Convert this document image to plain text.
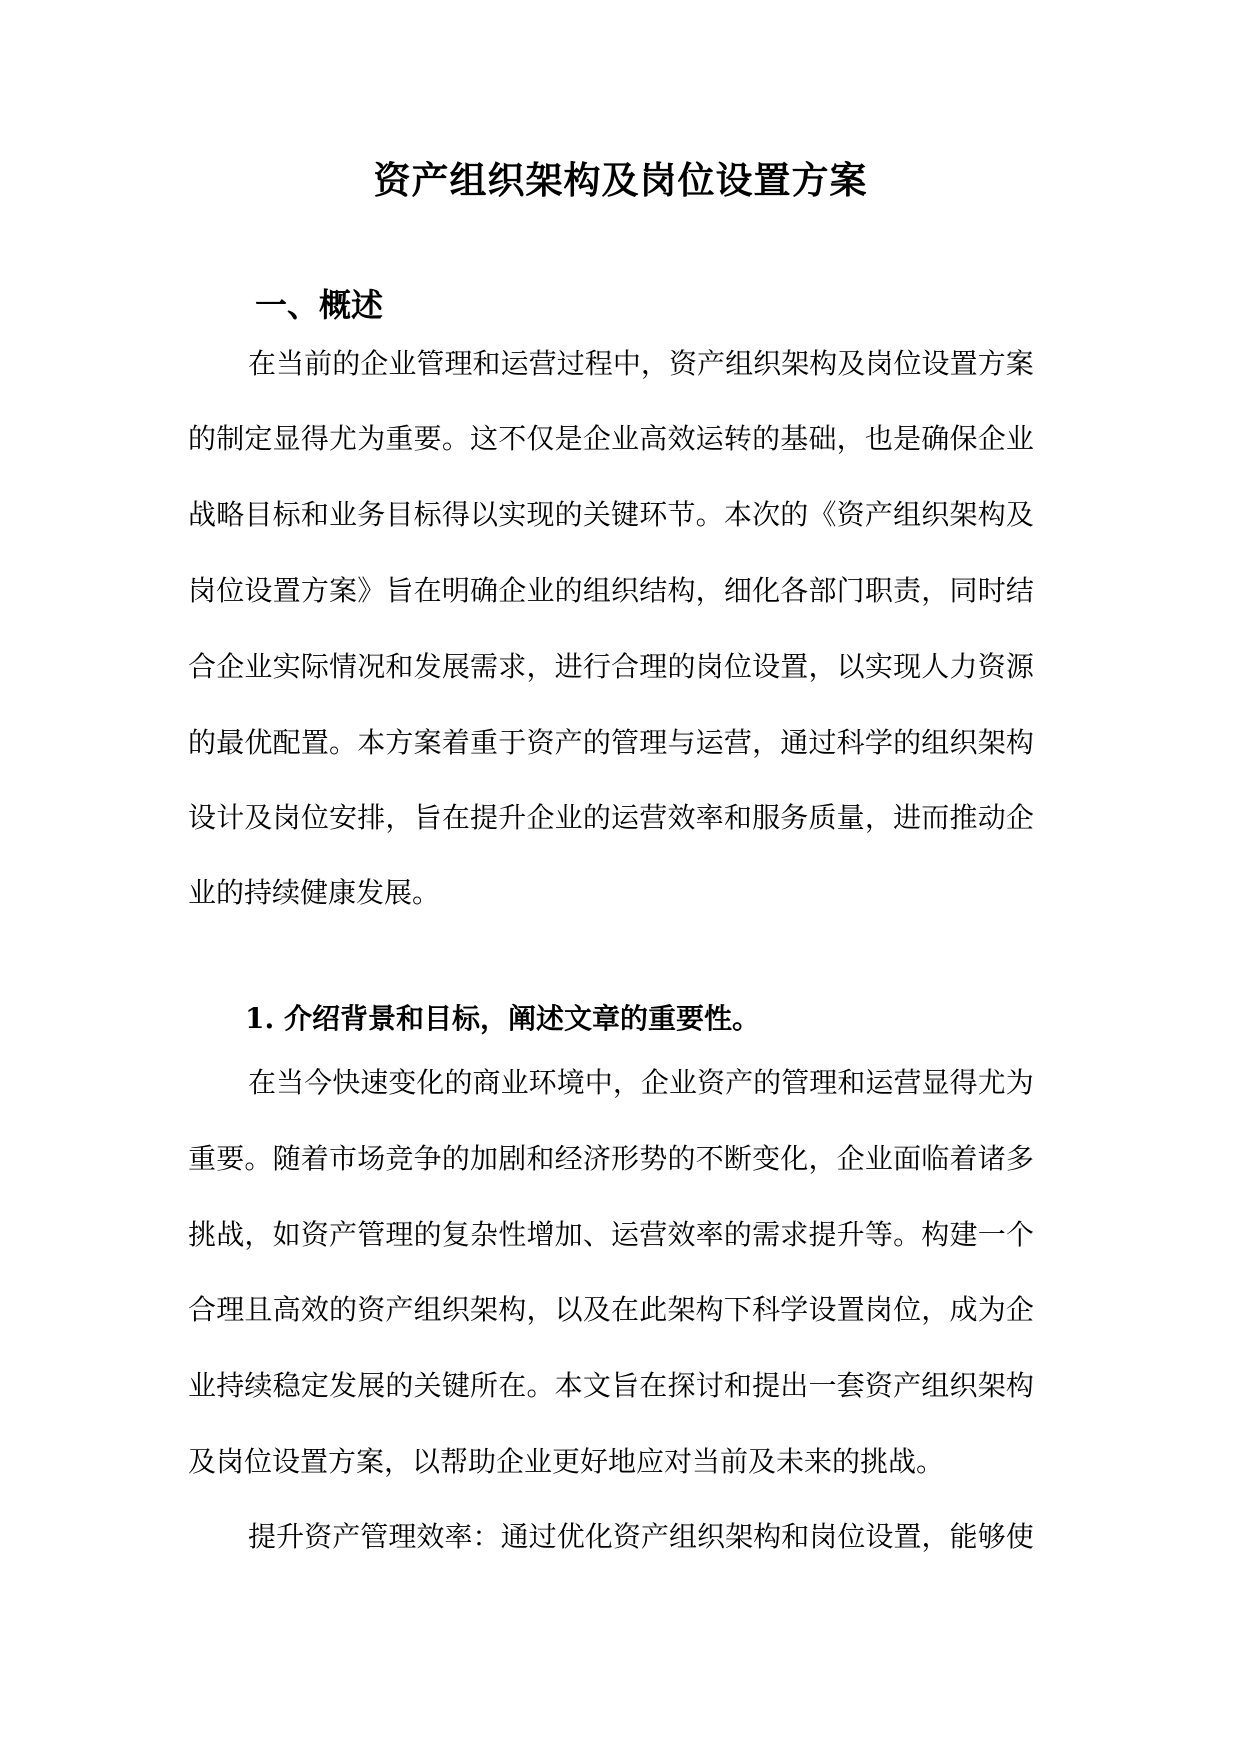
资产组织架构及岗位设置方案
一、概述

在 当 前 的 企 业 管 理 和 运 营 过 程 中 ， 资 产 组 织 架 构 及 岗 位 设 置 方 案

的 制 定 显 得 尤 为 重 要 。 这 不 仅 是 企 业 高 效 运 转 的 基 础 ， 也 是 确 保 企 业

战 略 目 标 和 业 务 目 标 得 以 实 现 的 关 键 环 节 。 本 次 的 《 资 产 组 织 架 构 及

岗 位 设 置 方 案 》 旨 在 明 确 企 业 的 组 织 结 构 ， 细 化 各 部 门 职 责 ， 同 时 结

合 企 业 实 际 情 况 和 发 展 需 求 ， 进 行 合 理 的 岗 位 设 置 ， 以 实 现 人 力 资 源

的 最 优 配 置 。 本 方 案 着 重 于 资 产 的 管 理 与 运 营 ， 通 过 科 学 的 组 织 架 构

设 计 及 岗 位 安 排 ， 旨 在 提 升 企 业 的 运 营 效 率 和 服 务 质 量 ， 进 而 推 动 企

业的持续健康发展。

1. 介绍背景和目标，阐述文章的重要性。

在 当 今 快 速 变 化 的 商 业 环 境 中 ， 企 业 资 产 的 管 理 和 运 营 显 得 尤 为

重 要 。 随 着 市 场 竞 争 的 加 剧 和 经 济 形 势 的 不 断 变 化 ， 企 业 面 临 着 诸 多

挑 战 ， 如 资 产 管 理 的 复 杂 性 增 加 、 运 营 效 率 的 需 求 提 升 等 。 构 建 一 个

合 理 且 高 效 的 资 产 组 织 架 构 ， 以 及 在 此 架 构 下 科 学 设 置 岗 位 ， 成 为 企

业 持 续 稳 定 发 展 的 关 键 所 在 。 本 文 旨 在 探 讨 和 提 出 一 套 资 产 组 织 架 构

及岗位设置方案，以帮助企业更好地应对当前及未来的挑战。

提 升 资 产 管 理 效 率 ： 通 过 优 化 资 产 组 织 架 构 和 岗 位 设 置 ， 能 够 使
